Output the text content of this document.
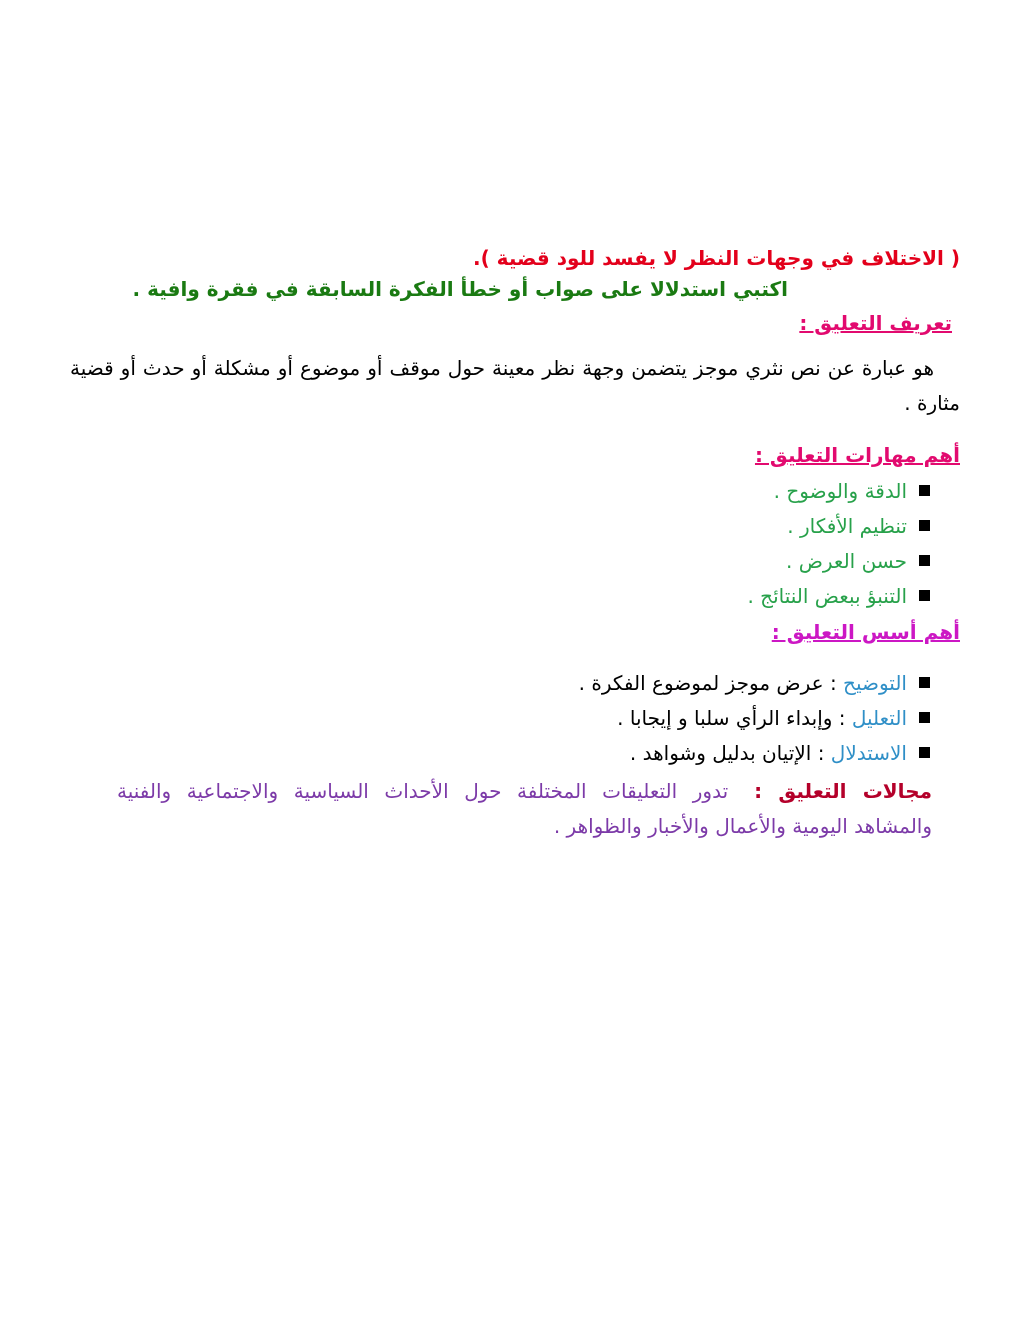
( الاختلاف في وجهات النظر لا يفسد للود قضية ).
اكتبي استدلالا على صواب أو خطأ الفكرة السابقة في فقرة وافية .
تعريف التعليق :
هو عبارة عن نص نثري موجز يتضمن وجهة نظر معينة حول موقف أو موضوع أو مشكلة أو حدث أو قضية مثارة .
أهم مهارات التعليق :
الدقة والوضوح .
تنظيم الأفكار .
حسن العرض .
التنبؤ ببعض النتائج .
أهم أسس التعليق :
التوضيح : عرض موجز لموضوع الفكرة .
التعليل : وإبداء الرأي سلبا و إيجابا .
الاستدلال : الإتيان بدليل وشواهد .
مجالات التعليق :تدور التعليقات المختلفة حول الأحداث السياسية والاجتماعية والفنية والمشاهد اليومية والأعمال والأخبار والظواهر .
